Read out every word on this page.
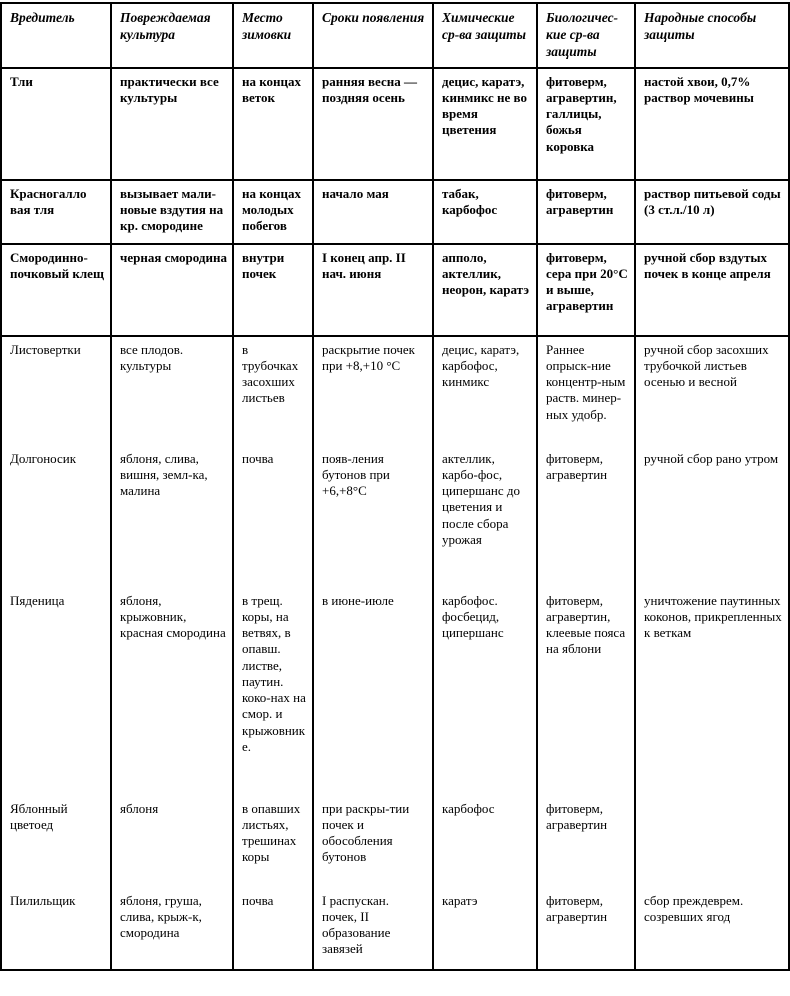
Вредитель	Повреждаемая культура	Место зимовки	Сроки появления	Химические ср-ва защиты	Биологичес-кие ср-ва защиты	Народные способы защиты
Тли	практически все культуры	на концах веток	ранняя весна — поздняя осень	децис, каратэ, кинмикс не во время цветения	фитоверм, агравертин, галлицы, божья коровка	настой хвои, 0,7% раствор мочевины
Красногалло вая тля	вызывает мали-новые вздутия на кр. смородине	на концах молодых побегов	начало мая	табак, карбофос	фитоверм, агравертин	раствор питьевой соды (3 ст.л./10 л)
Смородинно-почковый клещ	черная смородина	внутри почек	I конец апр. II нач. июня	апполо, актеллик, неорон, каратэ	фитоверм, сера при 20°С и выше, агравертин	ручной сбор вздутых почек в конце апреля
Листовертки	все плодов. культуры	в трубочках засохших листьев	раскрытие почек при +8,+10 °С	децис, каратэ, карбофос, кинмикс	Раннее опрыск-ние концентр-ным раств. минер-ных удобр.	ручной сбор засохших трубочкой листьев осенью и весной
Долгоносик	яблоня, слива, вишня, земл-ка, малина	почва	появ-ления бутонов при +6,+8°С	актеллик, карбо-фос, ципершанс до цветения и после сбора урожая	фитоверм, агравертин	ручной сбор рано утром
Пяденица	яблоня, крыжовник, красная смородина	в трещ. коры, на ветвях, в опавш. листве, паутин. коко-нах на смор. и крыжовнике.	в июне-июле	карбофос. фосбецид, ципершанс	фитоверм, агравертин, клеевые пояса на яблони	уничтожение паутинных коконов, прикрепленных к веткам
Яблонный цветоед	яблоня	в опавших листьях, трешинах коры	при раскры-тии почек и обособления бутонов	карбофос	фитоверм, агравертин	
Пилильщик	яблоня, груша, слива, крыж-к, смородина	почва	I распускан. почек, II образование завязей	каратэ	фитоверм, агравертин	сбор преждеврем. созревших ягод
